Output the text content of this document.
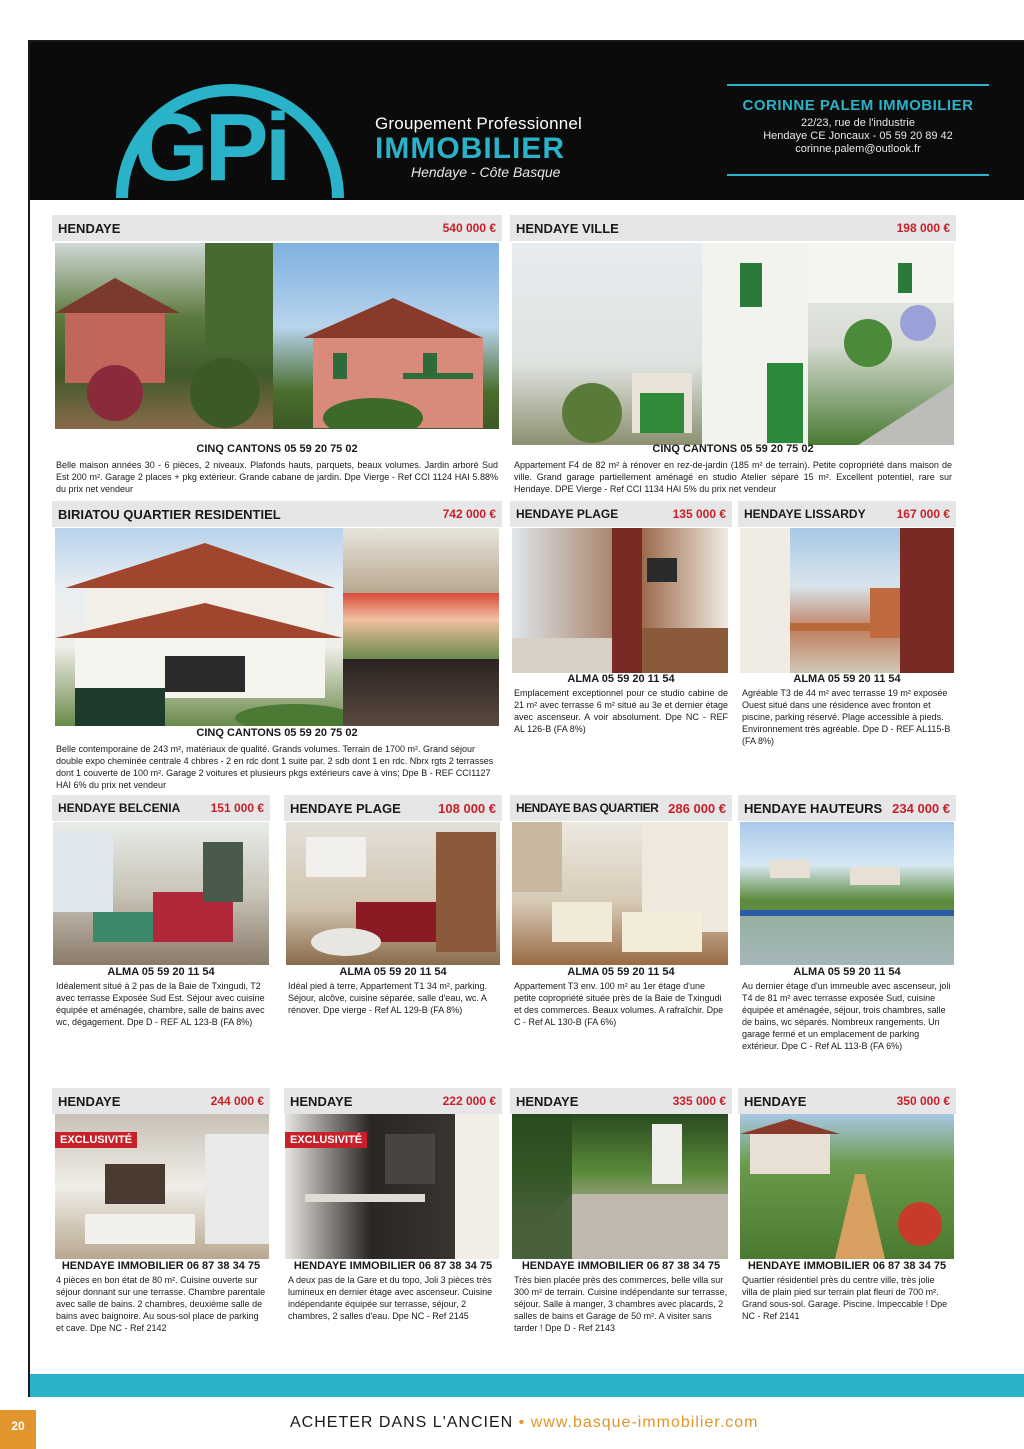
GPi	Groupement Professionnel
IMMOBILIER
Hendaye - Côte Basque
CORINNE PALEM IMMOBILIER
22/23, rue de l'industrie
Hendaye CE Joncaux - 05 59 20 89 42
corinne.palem@outlook.fr
HENDAYE	540 000 €
CINQ CANTONS 05 59 20 75 02
Belle maison années 30 - 6 pièces, 2 niveaux. Plafonds hauts, parquets, beaux volumes. Jardin arboré Sud Est 200 m². Garage 2 places + pkg extérieur. Grande cabane de jardin. Dpe Vierge - Ref CCI 1124 HAI 5.88% du prix net vendeur
HENDAYE VILLE	198 000 €
CINQ CANTONS 05 59 20 75 02
Appartement F4 de 82 m² à rénover en rez-de-jardin (185 m² de terrain). Petite copropriété dans maison de ville. Grand garage partiellement aménagé en studio Atelier séparé 15 m². Excellent potentiel, rare sur Hendaye. DPE Vierge - Ref CCI 1134 HAI 5% du prix net vendeur
BIRIATOU QUARTIER RESIDENTIEL	742 000 €
CINQ CANTONS 05 59 20 75 02
Belle contemporaine de 243 m², matériaux de qualité. Grands volumes. Terrain de 1700 m². Grand séjour double expo cheminée centrale 4 chbres - 2 en rdc dont 1 suite par. 2 sdb dont 1 en rdc. Nbrx rgts 2 terrasses dont 1 couverte de 100 m². Garage 2 voitures et plusieurs pkgs extérieurs cave à vins; Dpe B - REF CCI1127 HAI 6% du prix net vendeur
HENDAYE PLAGE	135 000 €
ALMA 05 59 20 11 54
Emplacement exceptionnel pour ce studio cabine de 21 m² avec terrasse 6 m² situé au 3e et dernier étage avec ascenseur. A voir absolument. Dpe NC - REF AL 126-B (FA 8%)
HENDAYE LISSARDY	167 000 €
ALMA 05 59 20 11 54
Agréable T3 de 44 m² avec terrasse 19 m² exposée Ouest situé dans une résidence avec fronton et piscine, parking réservé. Plage accessible à pieds. Environnement très agréable. Dpe D - REF AL115-B (FA 8%)
HENDAYE BELCENIA	151 000 €
ALMA 05 59 20 11 54
Idéalement situé à 2 pas de la Baie de Txingudi, T2 avec terrasse Exposée Sud Est. Séjour avec cuisine équipée et aménagée, chambre, salle de bains avec wc, dégagement. Dpe D - REF AL 123-B (FA 8%)
HENDAYE PLAGE	108 000 €
ALMA 05 59 20 11 54
Idéal pied à terre, Appartement T1 34 m², parking. Séjour, alcôve, cuisine séparée, salle d'eau, wc. A rénover. Dpe vierge - Ref AL 129-B (FA 8%)
HENDAYE BAS QUARTIER 286 000 €
ALMA 05 59 20 11 54
Appartement T3 env. 100 m² au 1er étage d'une petite copropriété située près de la Baie de Txingudi et des commerces. Beaux volumes. A rafraîchir. Dpe C - Ref AL 130-B (FA 6%)
HENDAYE HAUTEURS 234 000 €
ALMA 05 59 20 11 54
Au dernier étage d'un immeuble avec ascenseur, joli T4 de 81 m² avec terrasse exposée Sud, cuisine équipée et aménagée, séjour, trois chambres, salle de bains, wc séparés. Nombreux rangements. Un garage fermé et un emplacement de parking extérieur. Dpe C - Ref AL 113-B (FA 6%)
HENDAYE	244 000 €
EXCLUSIVITÉ
HENDAYE IMMOBILIER 06 87 38 34 75
4 pièces en bon état de 80 m². Cuisine ouverte sur séjour donnant sur une terrasse. Chambre parentale avec salle de bains. 2 chambres, deuxième salle de bains avec baignoire. Au sous-sol place de parking et cave. Dpe NC - Ref 2142
HENDAYE	222 000 €
EXCLUSIVITÉ
HENDAYE IMMOBILIER 06 87 38 34 75
A deux pas de la Gare et du topo, Joli 3 pièces très lumineux en dernier étage avec ascenseur. Cuisine indépendante équipée sur terrasse, séjour, 2 chambres, 2 salles d'eau. Dpe NC - Ref 2145
HENDAYE	335 000 €
HENDAYE IMMOBILIER 06 87 38 34 75
Très bien placée près des commerces, belle villa sur 300 m² de terrain. Cuisine indépendante sur terrasse, séjour. Salle à manger, 3 chambres avec placards, 2 salles de bains et Garage de 50 m². A visiter sans tarder ! Dpe D - Ref 2143
HENDAYE	350 000 €
HENDAYE IMMOBILIER 06 87 38 34 75
Quartier résidentiel près du centre ville, très jolie villa de plain pied sur terrain plat fleuri de 700 m². Grand sous-sol. Garage. Piscine. Impeccable ! Dpe NC - Ref 2141
20	ACHETER DANS L'ANCIEN • www.basque-immobilier.com
